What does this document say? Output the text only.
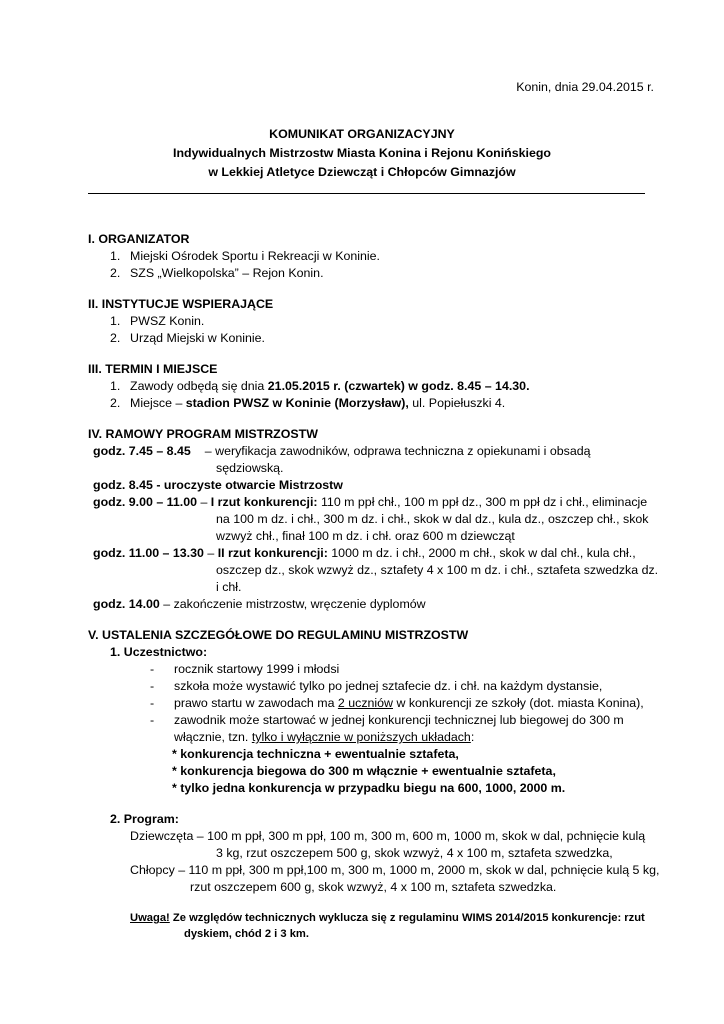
Konin, dnia 29.04.2015 r.
KOMUNIKAT ORGANIZACYJNY
Indywidualnych Mistrzostw Miasta Konina i Rejonu Konińskiego
w Lekkiej Atletyce Dziewcząt i Chłopców Gimnazjów
I. ORGANIZATOR
1. Miejski Ośrodek Sportu i Rekreacji w Koninie.
2. SZS „Wielkopolska” – Rejon Konin.
II. INSTYTUCJE WSPIERAJĄCE
1. PWSZ Konin.
2. Urząd Miejski w Koninie.
III. TERMIN I MIEJSCE
1. Zawody odbędą się dnia 21.05.2015 r. (czwartek) w godz. 8.45 – 14.30.
2. Miejsce – stadion PWSZ w Koninie (Morzysław), ul. Popiełuszki 4.
IV. RAMOWY PROGRAM MISTRZOSTW
godz. 7.45 – 8.45 – weryfikacja zawodników, odprawa techniczna z opiekunami i obsadą
sędziowską.
godz. 8.45 - uroczyste otwarcie Mistrzostw
godz. 9.00 – 11.00 – I rzut konkurencji: 110 m ppł chł., 100 m ppł dz., 300 m ppł dz i chł., eliminacje
na 100 m dz. i chł., 300 m dz. i chł., skok w dal dz., kula dz., oszczep chł., skok
wzwyż chł., finał 100 m dz. i chł. oraz 600 m dziewcząt
godz. 11.00 – 13.30 – II rzut konkurencji: 1000 m dz. i chł., 2000 m chł., skok w dal chł., kula chł.,
oszczep dz., skok wzwyż dz., sztafety 4 x 100 m dz. i chł., sztafeta szwedzka dz.
i chł.
godz. 14.00 – zakończenie mistrzostw, wręczenie dyplomów
V. USTALENIA SZCZEGÓŁOWE DO REGULAMINU MISTRZOSTW
1. Uczestnictwo:
- rocznik startowy 1999 i młodsi
- szkoła może wystawić tylko po jednej sztafecie dz. i chł. na każdym dystansie,
- prawo startu w zawodach ma 2 uczniów w konkurencji ze szkoły (dot. miasta Konina),
- zawodnik może startować w jednej konkurencji technicznej lub biegowej do 300 m
włącznie, tzn. tylko i wyłącznie w poniższych układach:
* konkurencja techniczna + ewentualnie sztafeta,
* konkurencja biegowa do 300 m włącznie + ewentualnie sztafeta,
* tylko jedna konkurencja w przypadku biegu na 600, 1000, 2000 m.
2. Program:
Dziewczęta – 100 m ppł, 300 m ppł, 100 m, 300 m, 600 m, 1000 m, skok w dal, pchnięcie kulą
3 kg, rzut oszczepem 500 g, skok wzwyż, 4 x 100 m, sztafeta szwedzka,
Chłopcy – 110 m ppł, 300 m ppł,100 m, 300 m, 1000 m, 2000 m, skok w dal, pchnięcie kulą 5 kg,
rzut oszczepem 600 g, skok wzwyż, 4 x 100 m, sztafeta szwedzka.
Uwaga! Ze względów technicznych wyklucza się z regulaminu WIMS 2014/2015 konkurencje: rzut
dyskiem, chód 2 i 3 km.
